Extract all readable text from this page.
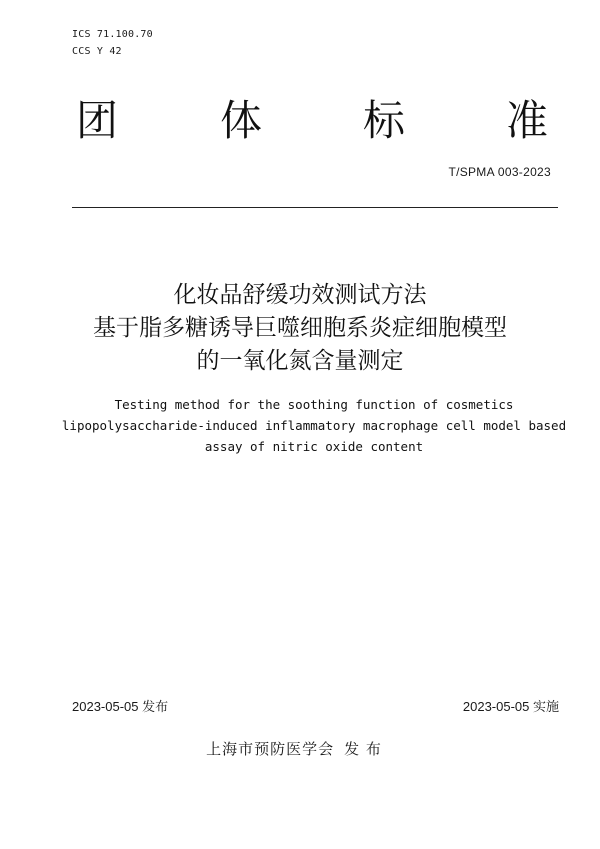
ICS 71.100.70
CCS Y 42
团 体 标 准
T/SPMA 003-2023
化妆品舒缓功效测试方法
基于脂多糖诱导巨噬细胞系炎症细胞模型
的一氧化氮含量测定
Testing method for the soothing function of cosmetics
lipopolysaccharide-induced inflammatory macrophage cell model based
assay of nitric oxide content
2023-05-05 发布	2023-05-05 实施
上海市预防医学会 发 布
